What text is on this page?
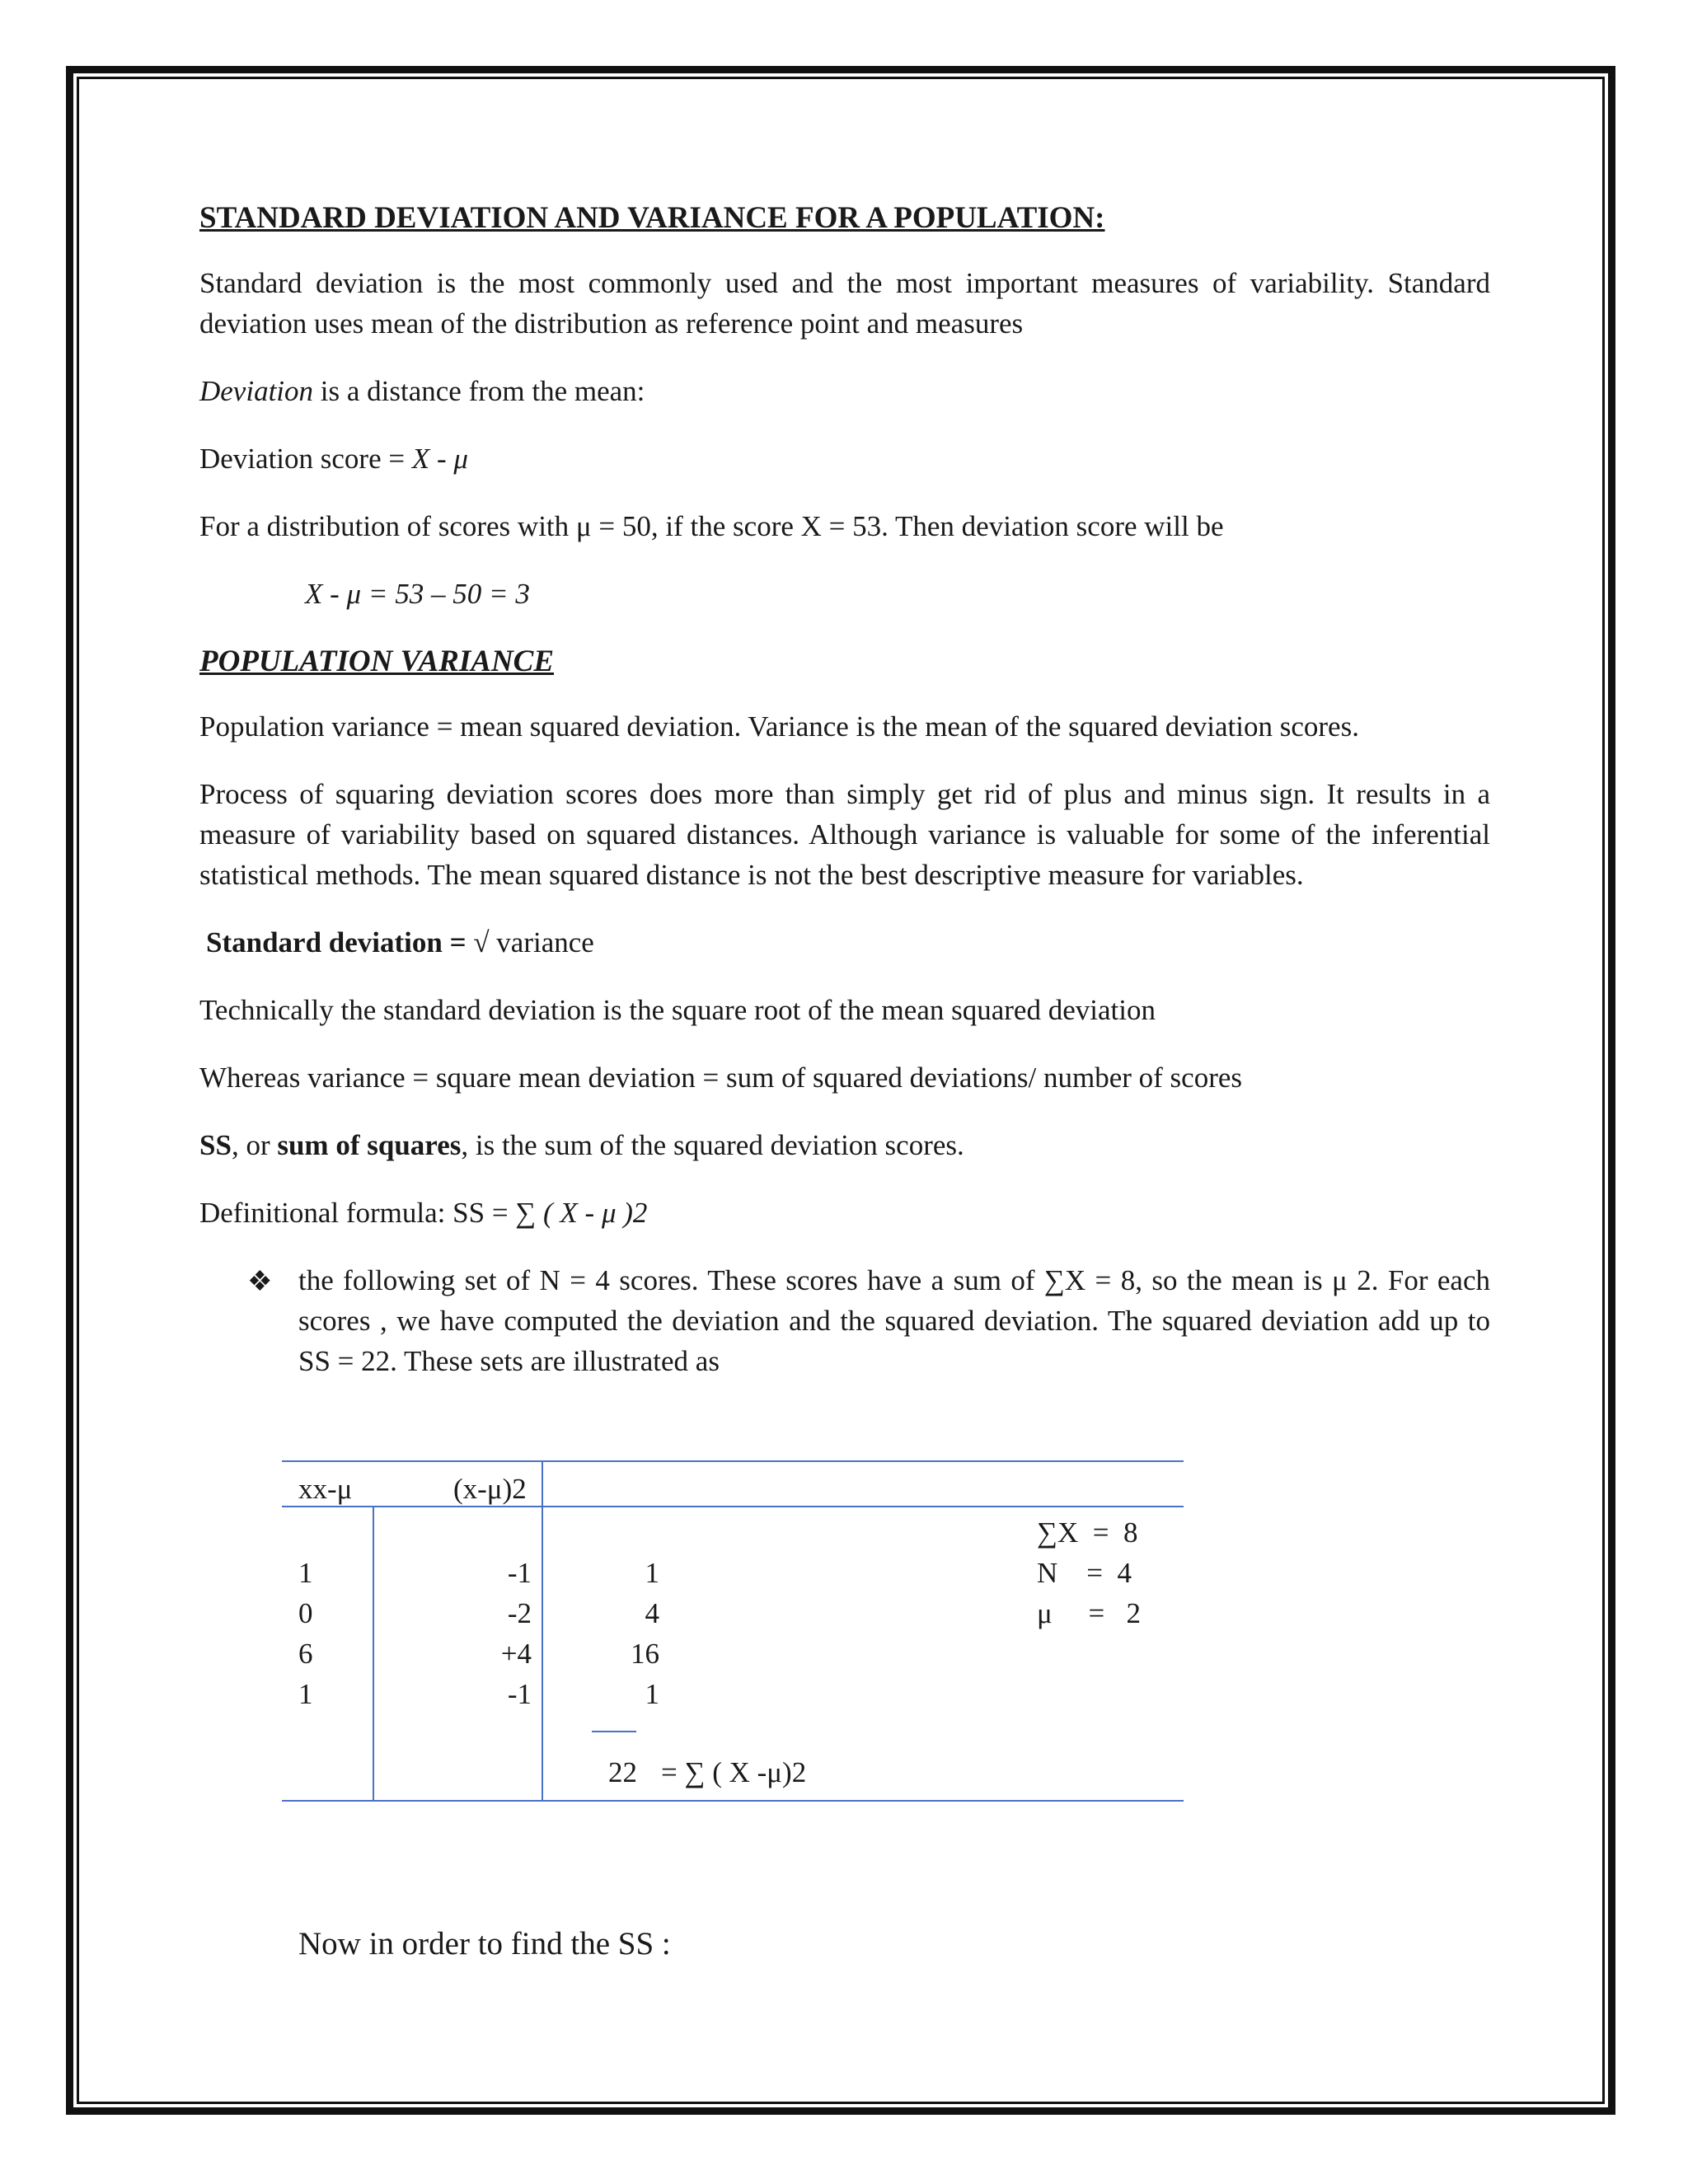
STANDARD DEVIATION AND VARIANCE FOR A POPULATION:

Standard deviation is the most commonly used and the most important measures of variability. Standard deviation uses mean of the distribution as reference point and measures

Deviation is a distance from the mean:

Deviation score = X - μ

For a distribution of scores with μ = 50, if the score X = 53. Then deviation score will be

X - μ = 53 – 50 = 3

POPULATION VARIANCE

Population variance = mean squared deviation. Variance is the mean of the squared deviation scores.

Process of squaring deviation scores does more than simply get rid of plus and minus sign. It results in a measure of variability based on squared distances. Although variance is valuable for some of the inferential statistical methods. The mean squared distance is not the best descriptive measure for variables.

Standard deviation = √ variance

Technically the standard deviation is the square root of the mean squared deviation

Whereas variance = square mean deviation = sum of squared deviations/ number of scores

SS, or sum of squares, is the sum of the squared deviation scores.

Definitional formula: SS = ∑ ( X - μ )2

❖ the following set of N = 4 scores. These scores have a sum of ∑X = 8, so the mean is μ 2. For each scores , we have computed the deviation and the squared deviation. The squared deviation add up to SS = 22. These sets are illustrated as

xx-μ	(x-μ)2
1
0
6
1
-1
-2
+4
-1
1
4
16
1
22 = ∑ ( X -μ)2
∑X  =  8
N    =  4
μ     =   2
Now in order to find the SS :
